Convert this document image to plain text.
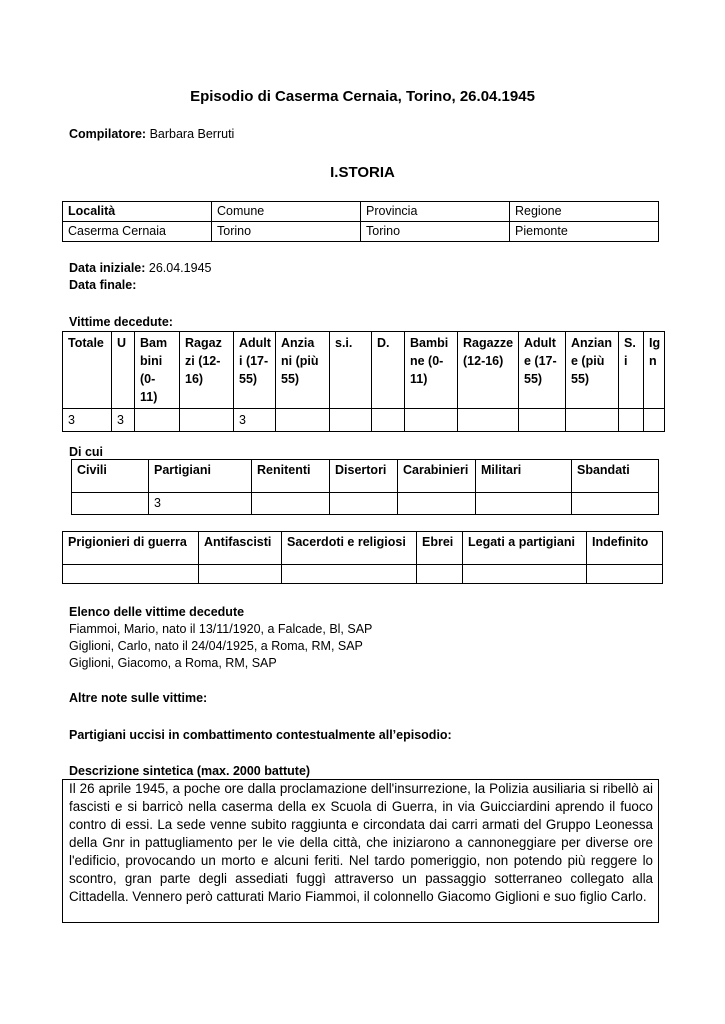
Episodio di Caserma Cernaia, Torino, 26.04.1945
Compilatore: Barbara Berruti
I.STORIA
Località	Comune	Provincia	Regione
Caserma Cernaia	Torino	Torino	Piemonte
Data iniziale: 26.04.1945
Data finale:
Vittime decedute:
Totale	U	Bam bini (0- 11)	Ragaz zi (12- 16)	Adult i (17- 55)	Anzia ni (più 55)	s.i.	D.	Bambi ne (0- 11)	Ragazze (12-16)	Adult e (17- 55)	Anzian e (più 55)	S. i	Ig n
3	3			3									
Di cui
Civili	Partigiani	Renitenti	Disertori	Carabinieri	Militari	Sbandati
	3					
Prigionieri di guerra	Antifascisti	Sacerdoti e religiosi	Ebrei	Legati a partigiani	Indefinito

Elenco delle vittime decedute
Fiammoi, Mario, nato il 13/11/1920, a Falcade, Bl, SAP
Giglioni, Carlo, nato il 24/04/1925, a Roma, RM, SAP
Giglioni, Giacomo, a Roma, RM, SAP
Altre note sulle vittime:
Partigiani uccisi in combattimento contestualmente all’episodio:
Descrizione sintetica (max. 2000 battute)
Il 26 aprile 1945, a poche ore dalla proclamazione dell'insurrezione, la Polizia ausiliaria si ribellò ai fascisti e si barricò nella caserma della ex Scuola di Guerra, in via Guicciardini aprendo il fuoco contro di essi. La sede venne subito raggiunta e circondata dai carri armati del Gruppo Leonessa della Gnr in pattugliamento per le vie della città, che iniziarono a cannoneggiare per diverse ore l'edificio, provocando un morto e alcuni feriti. Nel tardo pomeriggio, non potendo più reggere lo scontro, gran parte degli assediati fuggì attraverso un passaggio sotterraneo collegato alla Cittadella. Vennero però catturati Mario Fiammoi, il colonnello Giacomo Giglioni e suo figlio Carlo.
